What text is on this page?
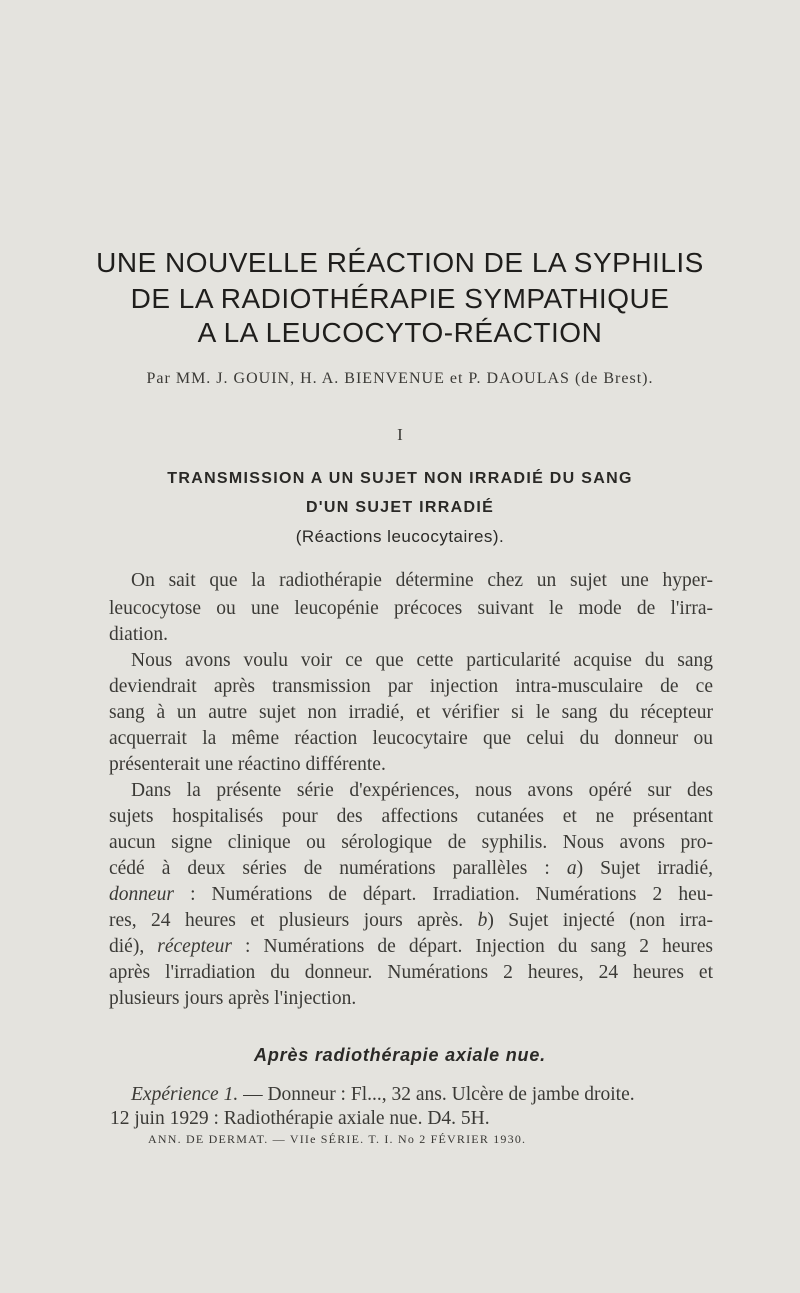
UNE NOUVELLE RÉACTION DE LA SYPHILIS
DE LA RADIOTHÉRAPIE SYMPATHIQUE
A LA LEUCOCYTO-RÉACTION
Par MM. J. GOUIN, H. A. BIENVENUE et P. DAOULAS (de Brest).
I
TRANSMISSION A UN SUJET NON IRRADIÉ DU SANG
D'UN SUJET IRRADIÉ
(Réactions leucocytaires).
On sait que la radiothérapie détermine chez un sujet une hyper-
leucocytose ou une leucopénie précoces suivant le mode de l'irra-
diation.
Nous avons voulu voir ce que cette particularité acquise du sang
deviendrait après transmission par injection intra-musculaire de ce
sang à un autre sujet non irradié, et vérifier si le sang du récepteur
acquerrait la même réaction leucocytaire que celui du donneur ou
présenterait une réactino différente.
Dans la présente série d'expériences, nous avons opéré sur des
sujets hospitalisés pour des affections cutanées et ne présentant
aucun signe clinique ou sérologique de syphilis. Nous avons pro-
cédé à deux séries de numérations parallèles : a) Sujet irradié,
donneur : Numérations de départ. Irradiation. Numérations 2 heu-
res, 24 heures et plusieurs jours après. b) Sujet injecté (non irra-
dié), récepteur : Numérations de départ. Injection du sang 2 heures
après l'irradiation du donneur. Numérations 2 heures, 24 heures et
plusieurs jours après l'injection.
Après radiothérapie axiale nue.
Expérience 1. — Donneur : Fl..., 32 ans. Ulcère de jambe droite.
12 juin 1929 : Radiothérapie axiale nue. D4. 5H.
ANN. DE DERMAT. — VIIe SÉRIE. T. I. No 2 FÉVRIER 1930.
